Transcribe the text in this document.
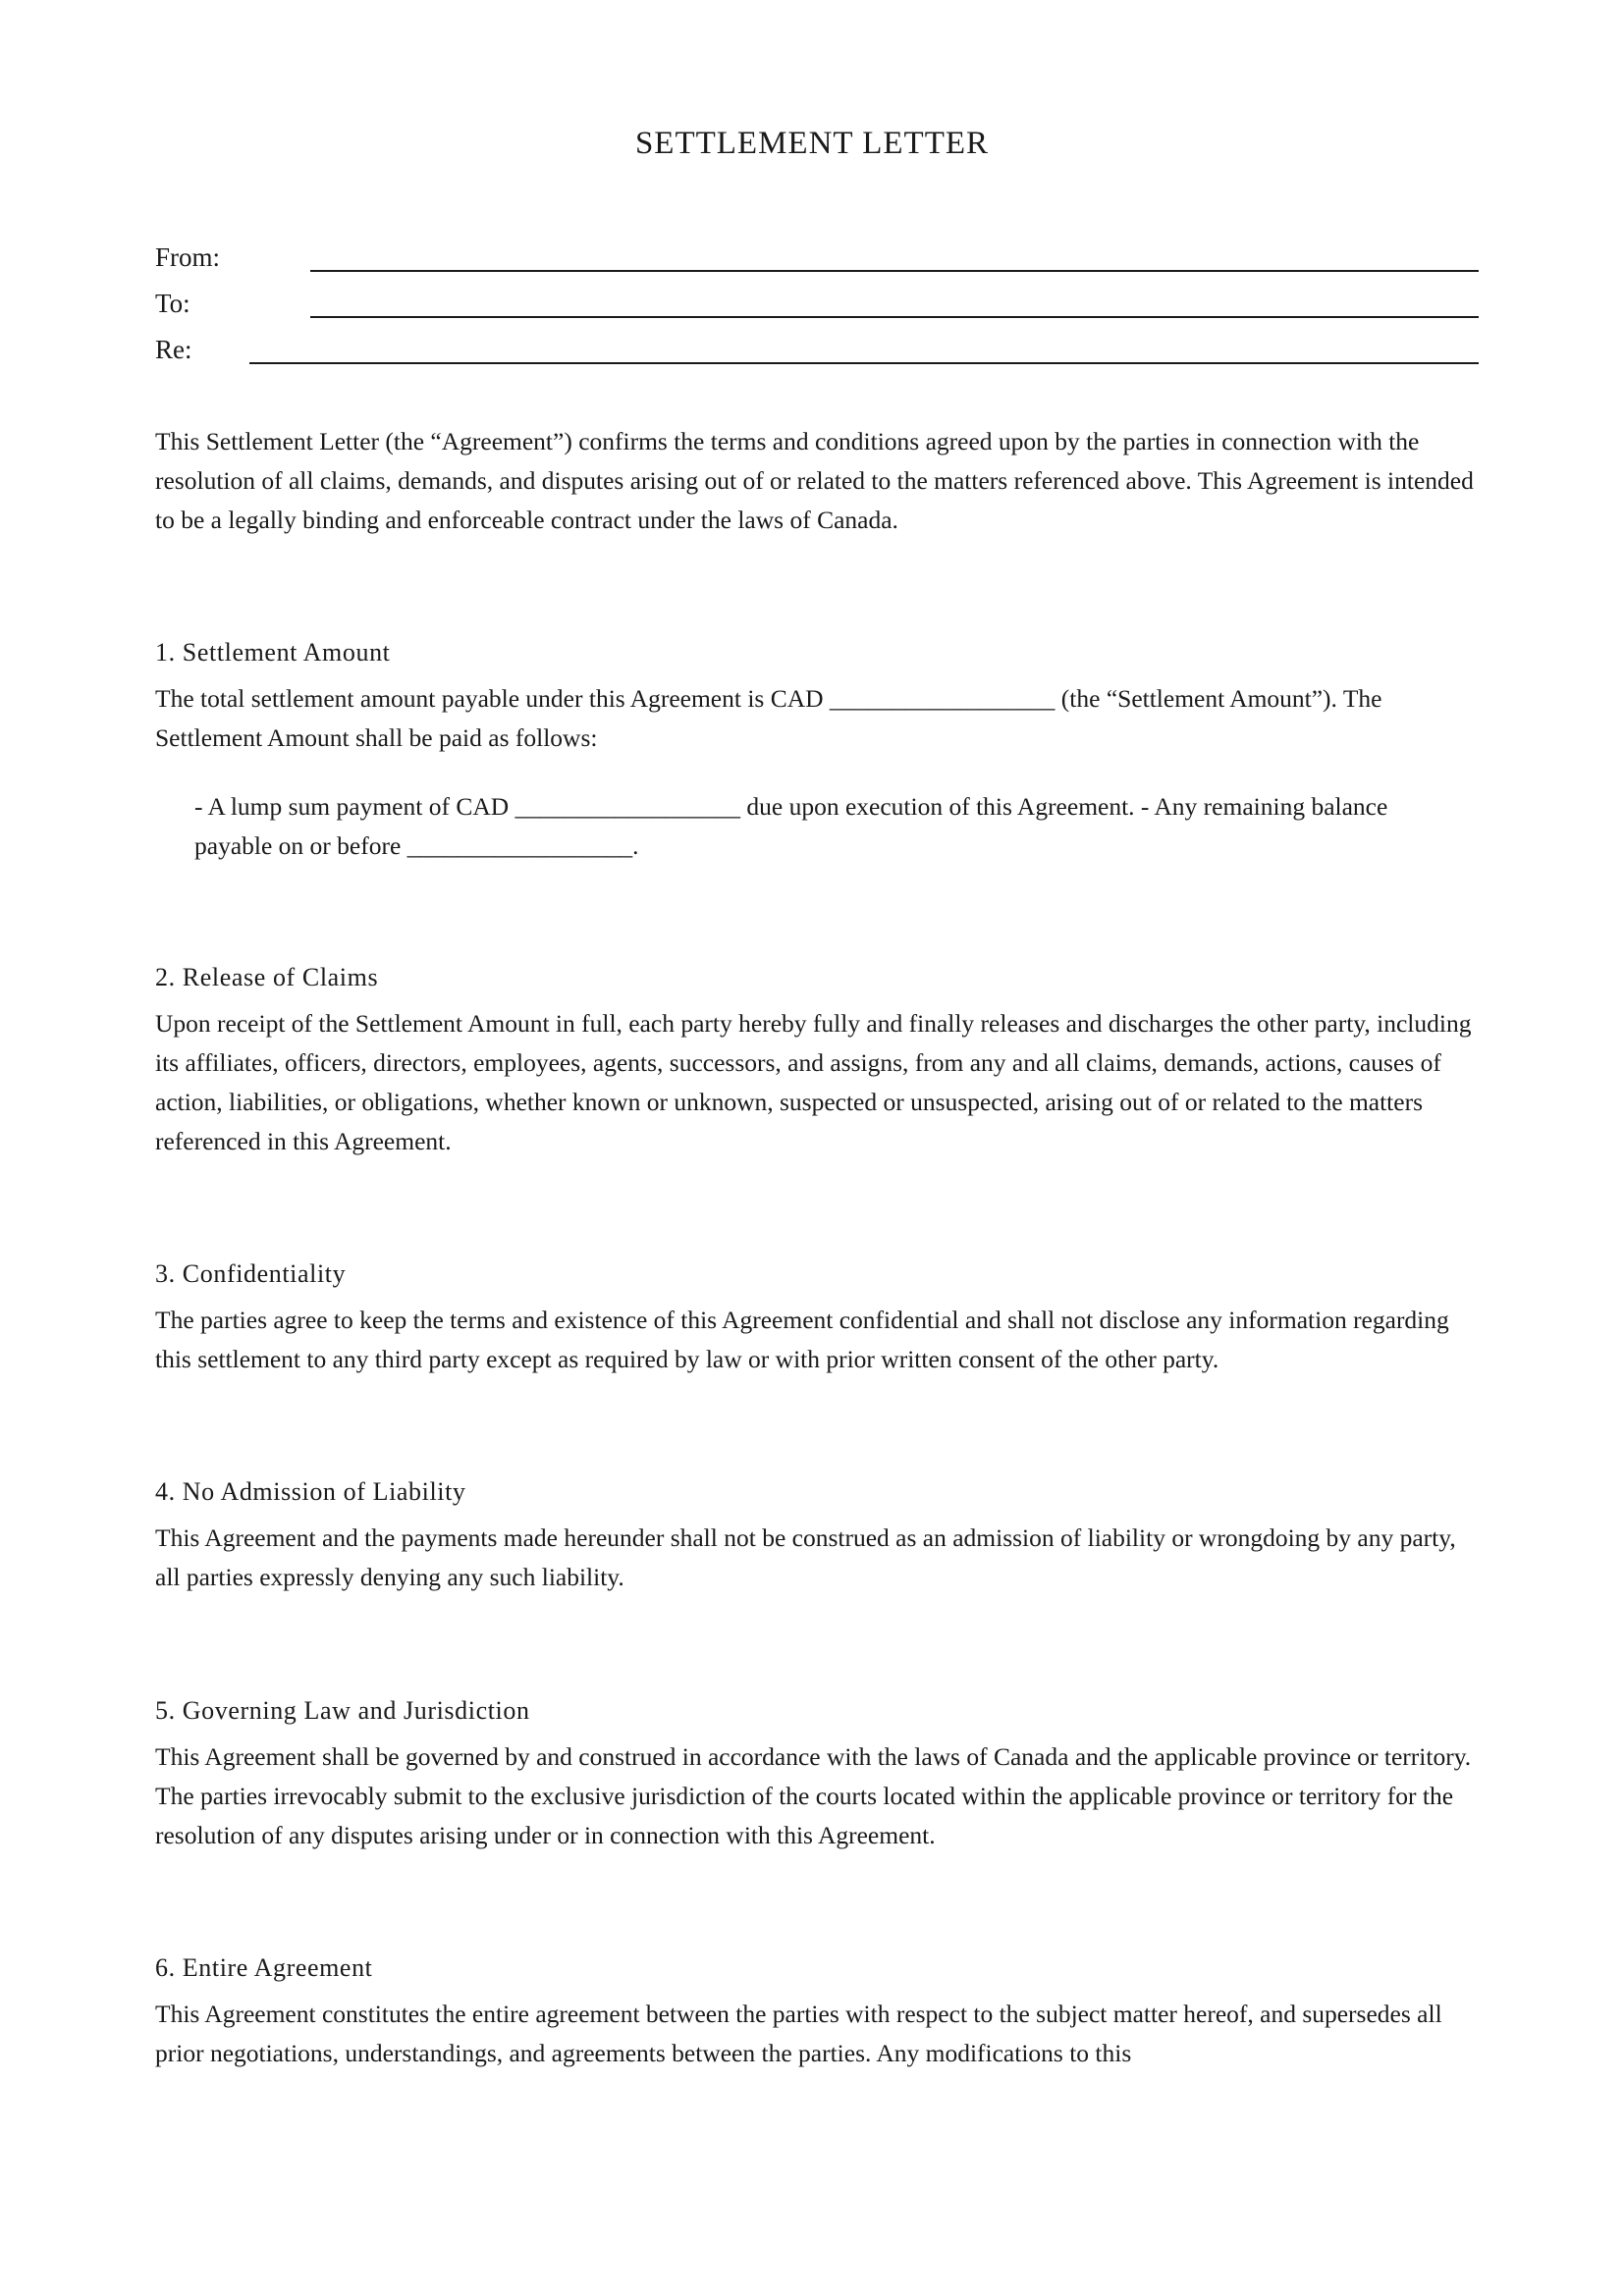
SETTLEMENT LETTER
From:
To:
Re:

This Settlement Letter (the “Agreement”) confirms the terms and conditions agreed upon by the parties in connection with the resolution of all claims, demands, and disputes arising out of or related to the matters referenced above. This Agreement is intended to be a legally binding and enforceable contract under the laws of Canada.

1. Settlement Amount

The total settlement amount payable under this Agreement is CAD __________________ (the “Settlement Amount”). The Settlement Amount shall be paid as follows:

- A lump sum payment of CAD __________________ due upon execution of this Agreement. - Any remaining balance payable on or before __________________.

2. Release of Claims

Upon receipt of the Settlement Amount in full, each party hereby fully and finally releases and discharges the other party, including its affiliates, officers, directors, employees, agents, successors, and assigns, from any and all claims, demands, actions, causes of action, liabilities, or obligations, whether known or unknown, suspected or unsuspected, arising out of or related to the matters referenced in this Agreement.

3. Confidentiality

The parties agree to keep the terms and existence of this Agreement confidential and shall not disclose any information regarding this settlement to any third party except as required by law or with prior written consent of the other party.

4. No Admission of Liability

This Agreement and the payments made hereunder shall not be construed as an admission of liability or wrongdoing by any party, all parties expressly denying any such liability.

5. Governing Law and Jurisdiction

This Agreement shall be governed by and construed in accordance with the laws of Canada and the applicable province or territory. The parties irrevocably submit to the exclusive jurisdiction of the courts located within the applicable province or territory for the resolution of any disputes arising under or in connection with this Agreement.

6. Entire Agreement

This Agreement constitutes the entire agreement between the parties with respect to the subject matter hereof, and supersedes all prior negotiations, understandings, and agreements between the parties. Any modifications to this
